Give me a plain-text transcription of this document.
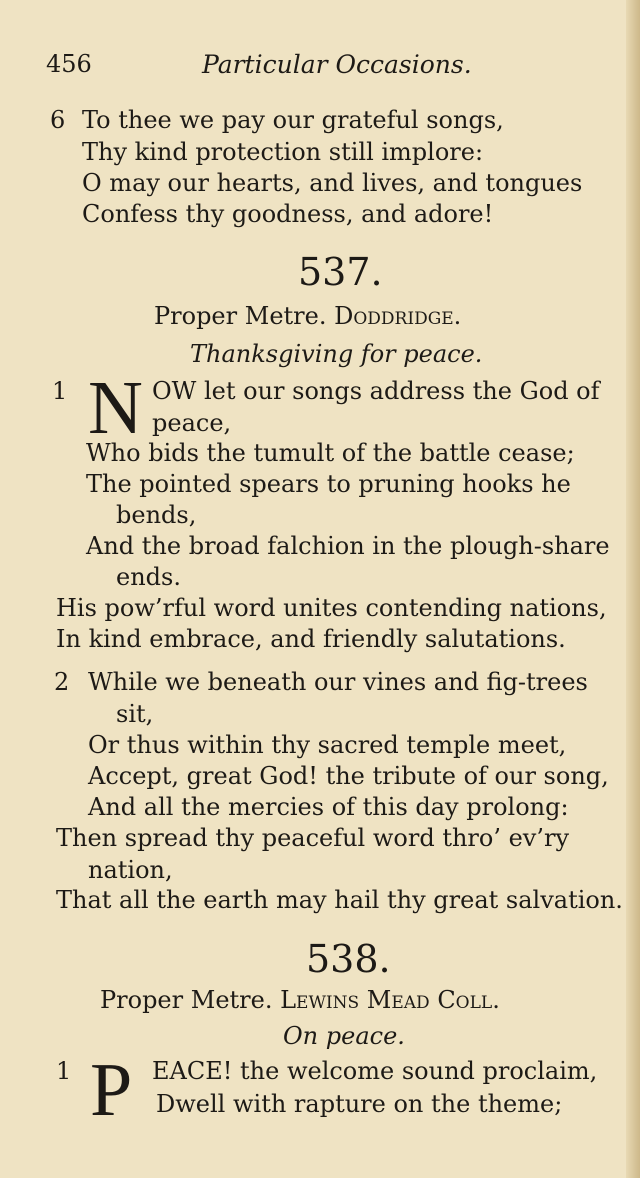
456	Particular Occasions.
6 To thee we pay our grateful songs,
Thy kind protection still implore:
O may our hearts, and lives, and tongues
Confess thy goodness, and adore!
537.
Proper Metre. Doddridge.
Thanksgiving for peace.
1 N OW let our songs address the God of
peace,
Who bids the tumult of the battle cease;
The pointed spears to pruning hooks he
bends,
And the broad falchion in the plough-share
ends.
His pow’rful word unites contending nations,
In kind embrace, and friendly salutations.
2 While we beneath our vines and fig-trees
sit,
Or thus within thy sacred temple meet,
Accept, great God! the tribute of our song,
And all the mercies of this day prolong:
Then spread thy peaceful word thro’ ev’ry
nation,
That all the earth may hail thy great salvation.
538.
Proper Metre. Lewins Mead Coll.
On peace.
1 P EACE! the welcome sound proclaim,
Dwell with rapture on the theme;
